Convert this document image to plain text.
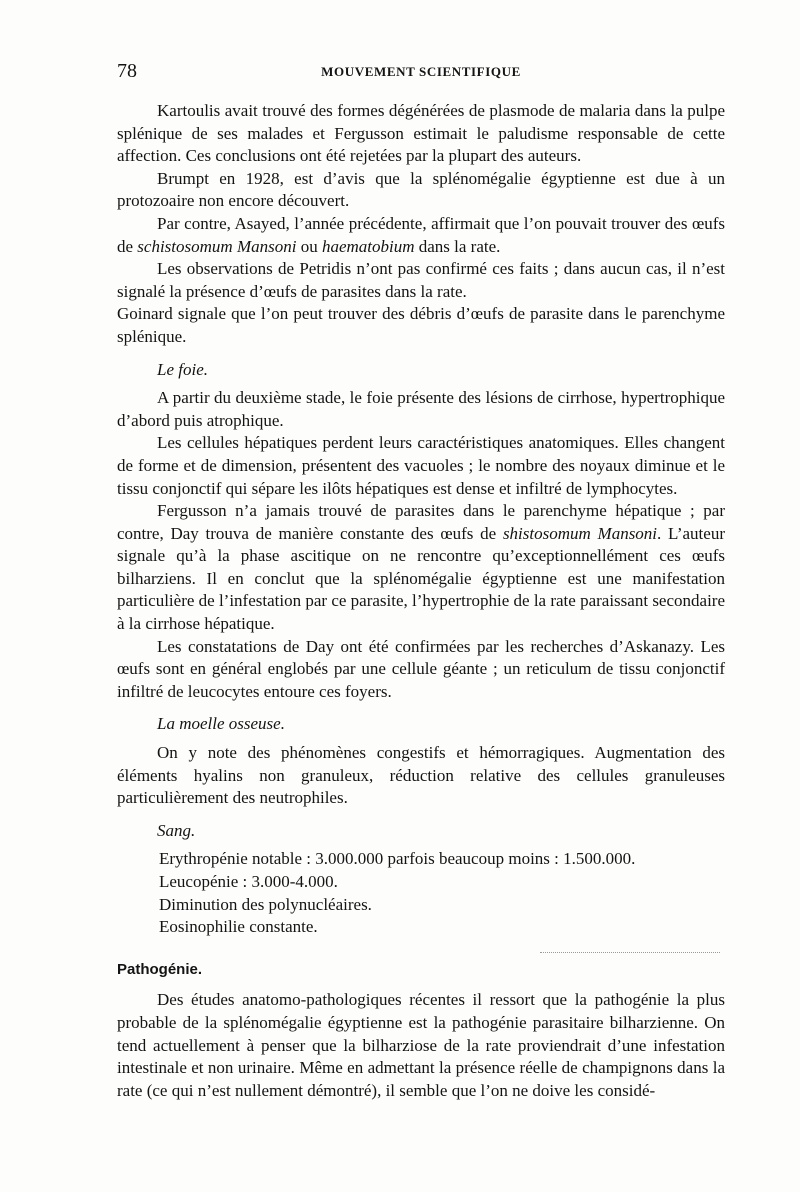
78	MOUVEMENT SCIENTIFIQUE

Kartoulis avait trouvé des formes dégénérées de plasmode de malaria dans la pulpe splénique de ses malades et Fergusson estimait le paludisme responsable de cette affection. Ces conclusions ont été rejetées par la plupart des auteurs.

Brumpt en 1928, est d’avis que la splénomégalie égyptienne est due à un protozoaire non encore découvert.

Par contre, Asayed, l’année précédente, affirmait que l’on pouvait trouver des œufs de schistosomum Mansoni ou haematobium dans la rate.

Les observations de Petridis n’ont pas confirmé ces faits ; dans aucun cas, il n’est signalé la présence d’œufs de parasites dans la rate.

Goinard signale que l’on peut trouver des débris d’œufs de parasite dans le parenchyme splénique.

Le foie.

A partir du deuxième stade, le foie présente des lésions de cirrhose, hypertrophique d’abord puis atrophique.

Les cellules hépatiques perdent leurs caractéristiques anatomiques. Elles changent de forme et de dimension, présentent des vacuoles ; le nombre des noyaux diminue et le tissu conjonctif qui sépare les ilôts hépatiques est dense et infiltré de lymphocytes.

Fergusson n’a jamais trouvé de parasites dans le parenchyme hépatique ; par contre, Day trouva de manière constante des œufs de shistosomum Mansoni. L’auteur signale qu’à la phase ascitique on ne rencontre qu’exceptionnellément ces œufs bilharziens. Il en conclut que la splénomégalie égyptienne est une manifestation particulière de l’infestation par ce parasite, l’hypertrophie de la rate paraissant secondaire à la cirrhose hépatique.

Les constatations de Day ont été confirmées par les recherches d’Askanazy. Les œufs sont en général englobés par une cellule géante ; un reticulum de tissu conjonctif infiltré de leucocytes entoure ces foyers.

La moelle osseuse.

On y note des phénomènes congestifs et hémorragiques. Augmentation des éléments hyalins non granuleux, réduction relative des cellules granuleuses particulièrement des neutrophiles.

Sang.

Erythropénie notable : 3.000.000 parfois beaucoup moins : 1.500.000.

Leucopénie : 3.000-4.000.

Diminution des polynucléaires.

Eosinophilie constante.

Pathogénie.

Des études anatomo-pathologiques récentes il ressort que la pathogénie la plus probable de la splénomégalie égyptienne est la pathogénie parasitaire bilharzienne. On tend actuellement à penser que la bilharziose de la rate proviendrait d’une infestation intestinale et non urinaire. Même en admettant la présence réelle de champignons dans la rate (ce qui n’est nullement démontré), il semble que l’on ne doive les considé-
